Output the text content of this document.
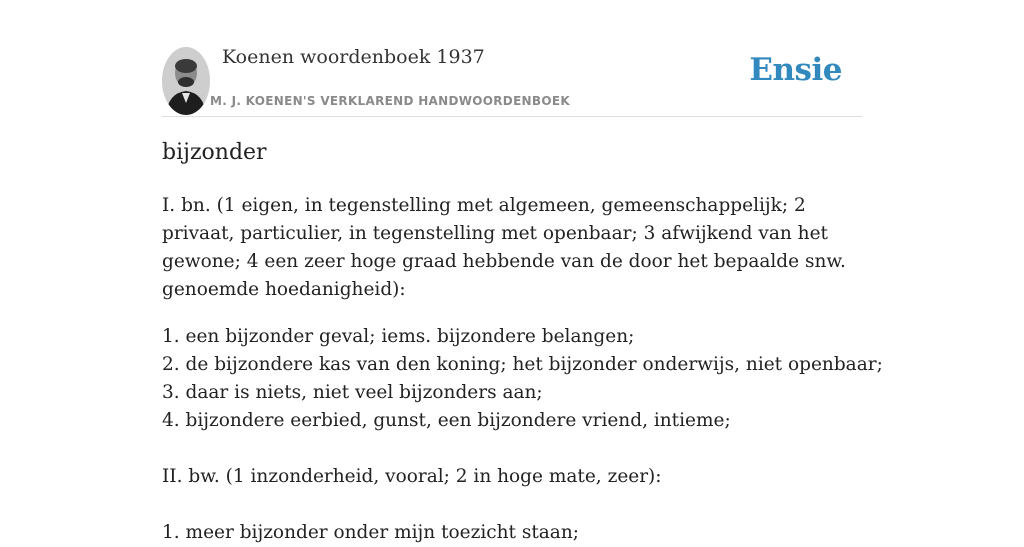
Koenen woordenboek 1937
M. J. KOENEN'S VERKLAREND HANDWOORDENBOEK
Ensie
bijzonder

I. bn. (1 eigen, in tegenstelling met algemeen, gemeenschappelijk; 2 privaat, particulier, in tegenstelling met openbaar; 3 afwijkend van het gewone; 4 een zeer hoge graad hebbende van de door het bepaalde snw. genoemde hoedanigheid):

1. een bijzonder geval; iems. bijzondere belangen;
2. de bijzondere kas van den koning; het bijzonder onderwijs, niet openbaar;
3. daar is niets, niet veel bijzonders aan;
4. bijzondere eerbied, gunst, een bijzondere vriend, intieme;

II. bw. (1 inzonderheid, vooral; 2 in hoge mate, zeer):

1. meer bijzonder onder mijn toezicht staan;
